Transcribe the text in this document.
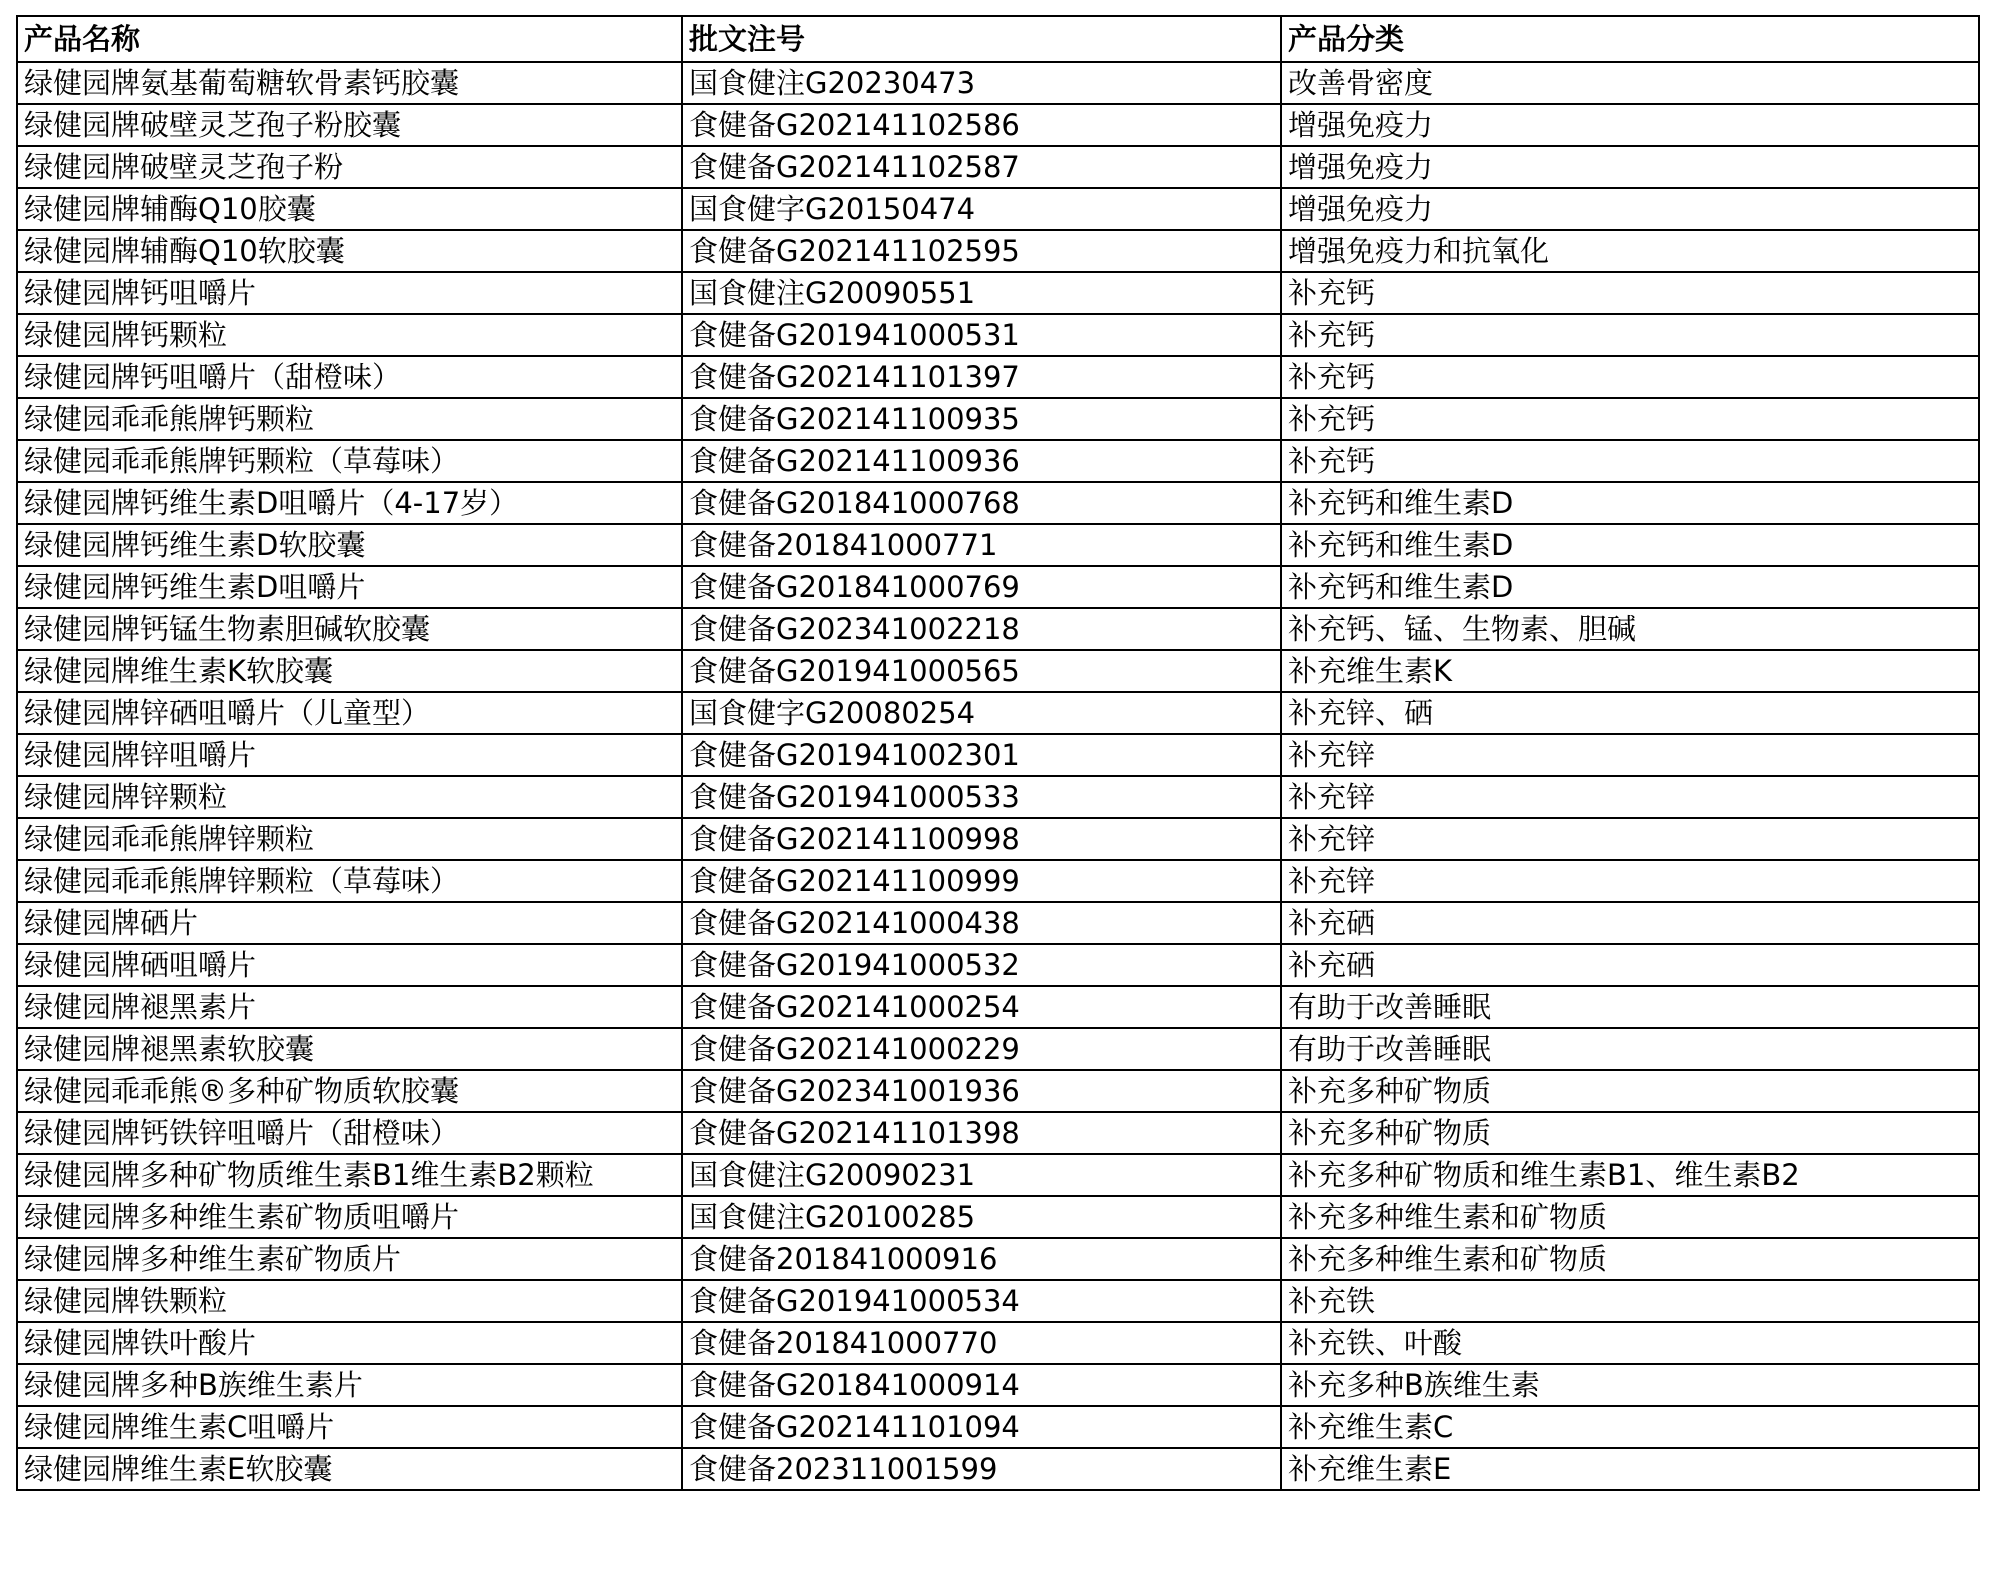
产品名称	批文注号	产品分类
绿健园牌氨基葡萄糖软骨素钙胶囊	国食健注G20230473	改善骨密度
绿健园牌破壁灵芝孢子粉胶囊	食健备G202141102586	增强免疫力
绿健园牌破壁灵芝孢子粉	食健备G202141102587	增强免疫力
绿健园牌辅酶Q10胶囊	国食健字G20150474	增强免疫力
绿健园牌辅酶Q10软胶囊	食健备G202141102595	增强免疫力和抗氧化
绿健园牌钙咀嚼片	国食健注G20090551	补充钙
绿健园牌钙颗粒	食健备G201941000531	补充钙
绿健园牌钙咀嚼片（甜橙味）	食健备G202141101397	补充钙
绿健园乖乖熊牌钙颗粒	食健备G202141100935	补充钙
绿健园乖乖熊牌钙颗粒（草莓味）	食健备G202141100936	补充钙
绿健园牌钙维生素D咀嚼片（4-17岁）	食健备G201841000768	补充钙和维生素D
绿健园牌钙维生素D软胶囊	食健备201841000771	补充钙和维生素D
绿健园牌钙维生素D咀嚼片	食健备G201841000769	补充钙和维生素D
绿健园牌钙锰生物素胆碱软胶囊	食健备G202341002218	补充钙、锰、生物素、胆碱
绿健园牌维生素K软胶囊	食健备G201941000565	补充维生素K
绿健园牌锌硒咀嚼片（儿童型）	国食健字G20080254	补充锌、硒
绿健园牌锌咀嚼片	食健备G201941002301	补充锌
绿健园牌锌颗粒	食健备G201941000533	补充锌
绿健园乖乖熊牌锌颗粒	食健备G202141100998	补充锌
绿健园乖乖熊牌锌颗粒（草莓味）	食健备G202141100999	补充锌
绿健园牌硒片	食健备G202141000438	补充硒
绿健园牌硒咀嚼片	食健备G201941000532	补充硒
绿健园牌褪黑素片	食健备G202141000254	有助于改善睡眠
绿健园牌褪黑素软胶囊	食健备G202141000229	有助于改善睡眠
绿健园乖乖熊®多种矿物质软胶囊	食健备G202341001936	补充多种矿物质
绿健园牌钙铁锌咀嚼片（甜橙味）	食健备G202141101398	补充多种矿物质
绿健园牌多种矿物质维生素B1维生素B2颗粒	国食健注G20090231	补充多种矿物质和维生素B1、维生素B2
绿健园牌多种维生素矿物质咀嚼片	国食健注G20100285	补充多种维生素和矿物质
绿健园牌多种维生素矿物质片	食健备201841000916	补充多种维生素和矿物质
绿健园牌铁颗粒	食健备G201941000534	补充铁
绿健园牌铁叶酸片	食健备201841000770	补充铁、叶酸
绿健园牌多种B族维生素片	食健备G201841000914	补充多种B族维生素
绿健园牌维生素C咀嚼片	食健备G202141101094	补充维生素C
绿健园牌维生素E软胶囊	食健备202311001599	补充维生素E
